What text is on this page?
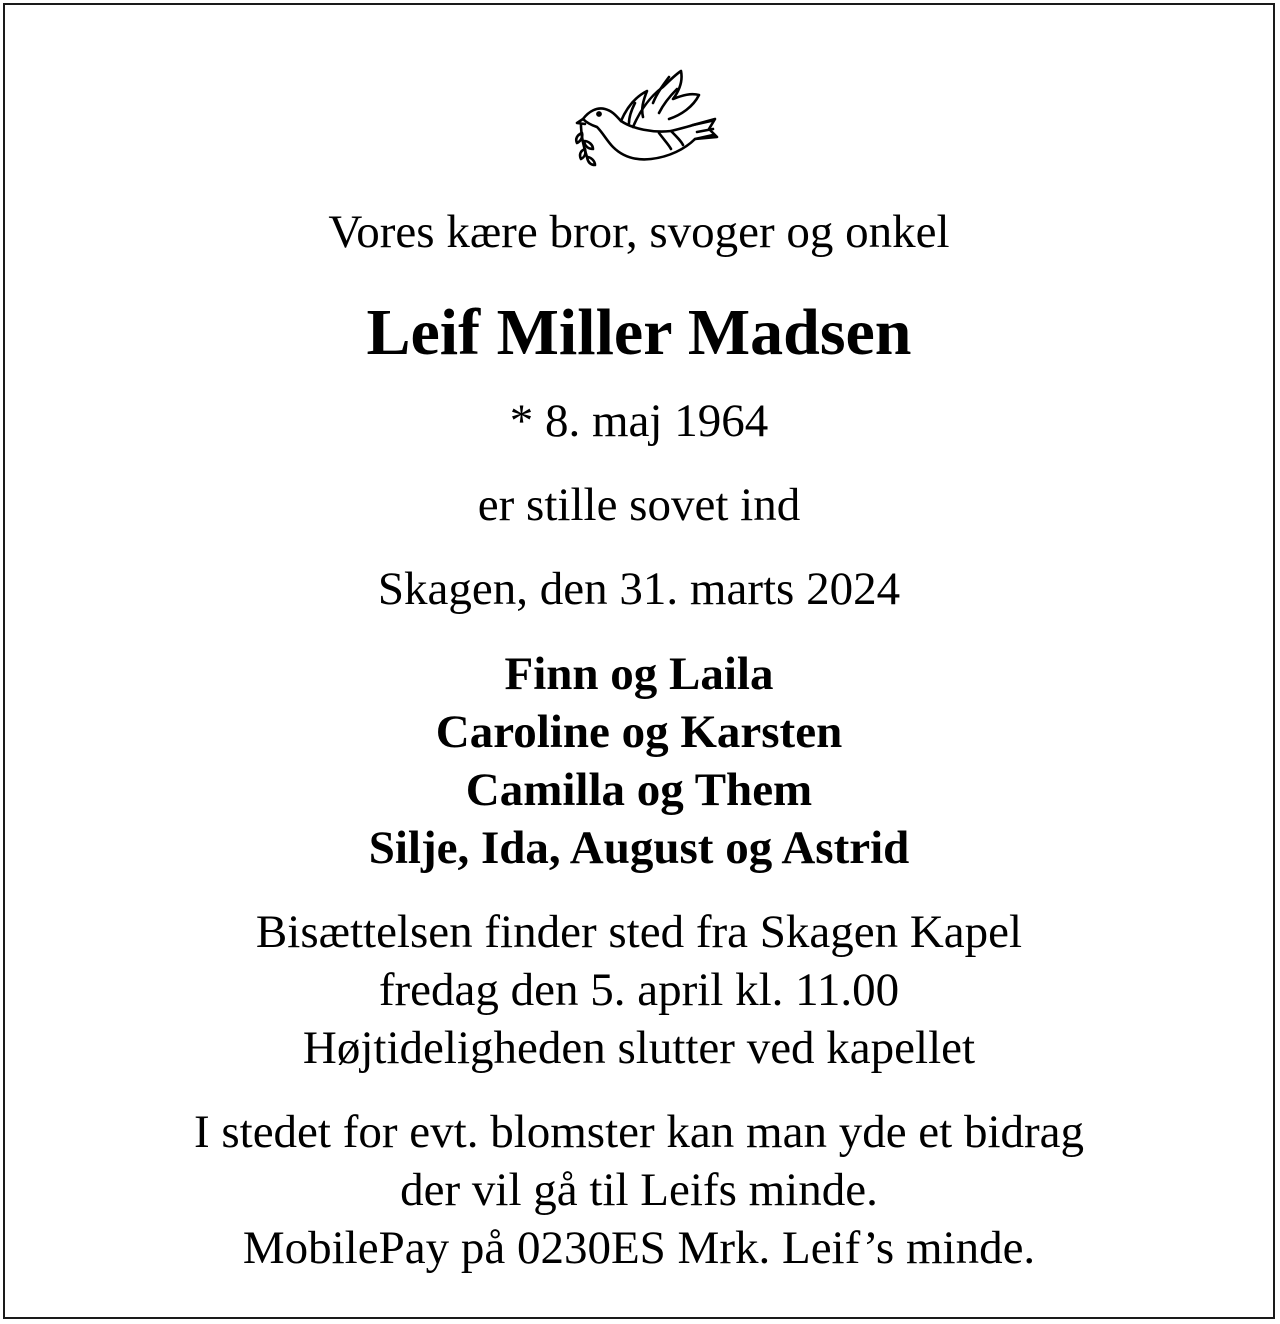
Vores kære bror, svoger og onkel
Leif Miller Madsen
* 8. maj 1964
er stille sovet ind
Skagen, den 31. marts 2024
Finn og Laila
Caroline og Karsten
Camilla og Them
Silje, Ida, August og Astrid
Bisættelsen finder sted fra Skagen Kapel
fredag den 5. april kl. 11.00
Højtideligheden slutter ved kapellet
I stedet for evt. blomster kan man yde et bidrag
der vil gå til Leifs minde.
MobilePay på 0230ES Mrk. Leif’s minde.
